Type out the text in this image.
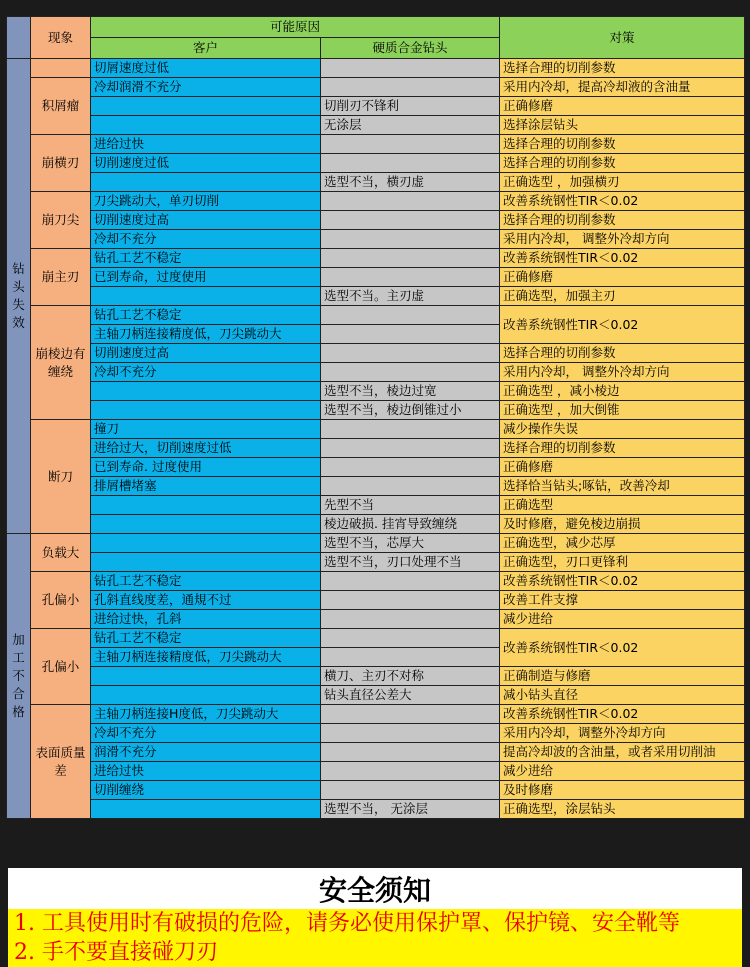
	现象	可能原因		对策
		客户	硬质合金钻头	
钻头失效		切屑速度过低		选择合理的切削参数
	积屑瘤	冷却润滑不充分		采用内冷却，提高冷却液的含油量
			切削刃不锋利	正确修磨
			无涂层	选择涂层钻头
	崩横刃	进给过快		选择合理的切削参数
		切削速度过低		选择合理的切削参数
			选型不当，横刃虚	正确选型 ，加强横刃
	崩刀尖	刀尖跳动大，单刃切削		改善系统钢性TIR＜0.02
		切削速度过高		选择合理的切削参数
		冷却不充分		采用内冷却， 调整外冷却方向
	崩主刃	钻孔工艺不稳定		改善系统钢性TIR＜0.02
		已到寿命，过度使用		正确修磨
			选型不当。主刃虚	正确选型，加强主刃
	崩棱边有缠绕	钻孔工艺不稳定		改善系统钢性TIR＜0.02
		主轴刀柄连接精度低，刀尖跳动大		
		切削速度过高		选择合理的切削参数
		冷却不充分		采用内冷却， 调整外冷却方向
			选型不当，棱边过宽	正确选型 ，减小棱边
			选型不当，棱边倒锥过小	正确选型 ，加大倒锥
	断刀	撞刀		减少操作失误
		进给过大，切削速度过低		选择合理的切削参数
		已到寿命. 过度使用		正确修磨
		排屑槽堵塞		选择恰当钻头;啄钻，改善冷却
			先型不当	正确选型
			棱边破损. 挂宵导致缠绕	及时修磨，避免棱边崩损
加工不合格	负载大		选型不当，芯厚大	正确选型，减少芯厚
			选型不当，刃口处理不当	正确选型，刃口更锋利
	孔偏小	钻孔工艺不稳定		改善系统钢性TIR＜0.02
		孔斜直线度差，通規不过		改善工件支撑
		进给过快，孔斜		减少进给
	孔偏小	钻孔工艺不稳定		改善系统钢性TIR＜0.02
		主轴刀柄连接精度低，刀尖跳动大		
			横刀、主刃不对称	正确制造与修磨
			钻头直径公差大	减小钻头直径
	表面质量差	主轴刀柄连接H度低，刀尖跳动大		改善系统钢性TIR＜0.02
		冷却不充分		采用内冷却，调整外冷却方向
		润滑不充分		提高冷却波的含油量，或者采用切削油
		进给过快		减少进给
		切削缠绕		及时修磨
			选型不当， 无涂层	正确选型，涂层钻头

安全须知

1. 工具使用时有破损的危险，请务必使用保护罩、保护镜、安全靴等

2. 手不要直接碰刀刃
